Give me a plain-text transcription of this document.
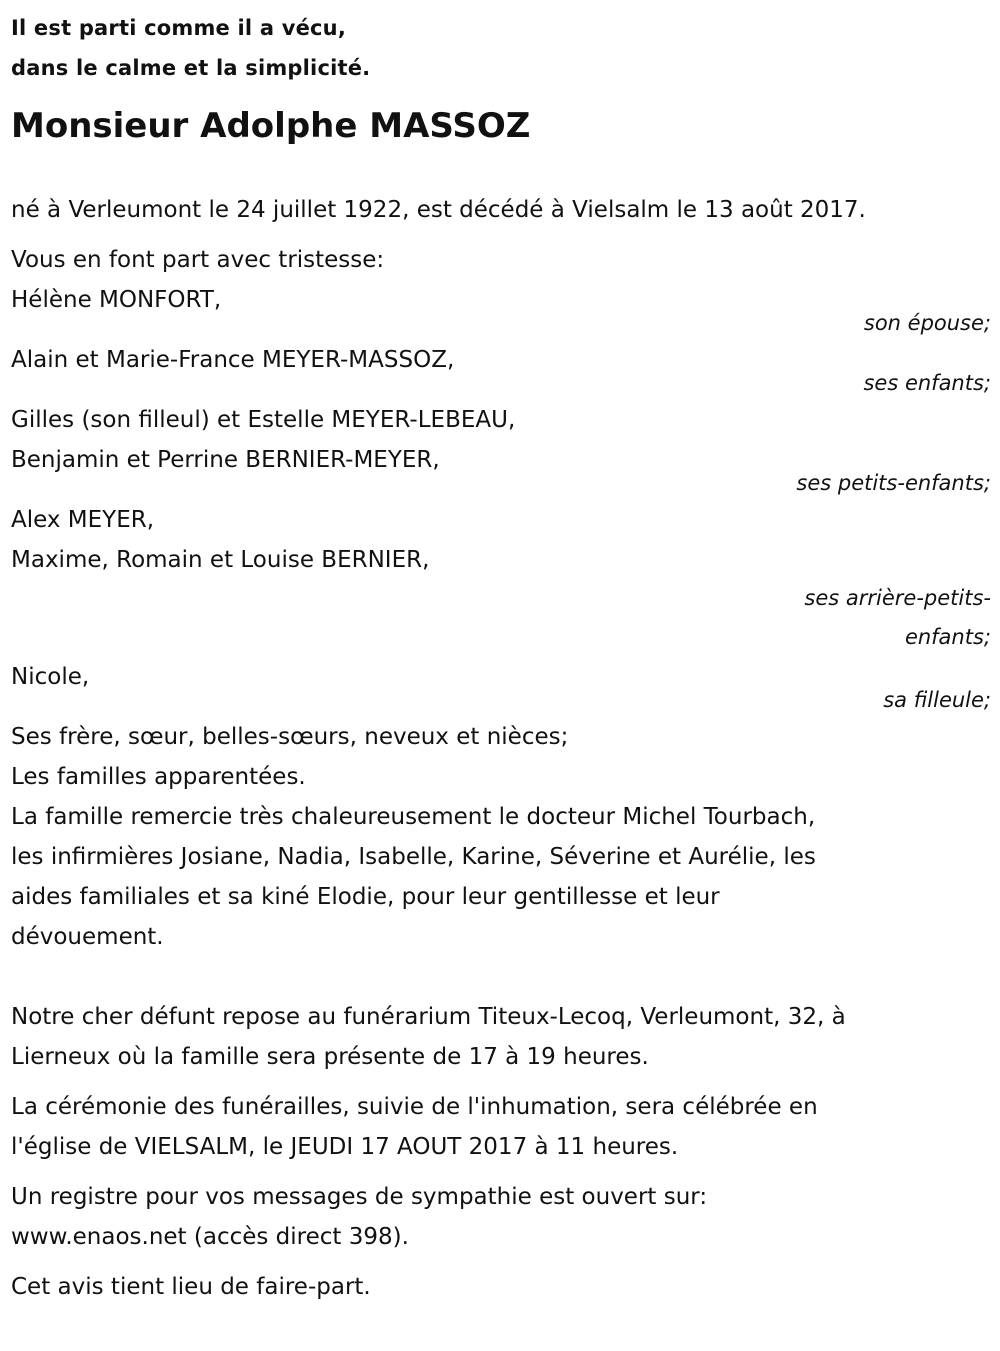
Il est parti comme il a vécu,

dans le calme et la simplicité.

Monsieur Adolphe MASSOZ

né à Verleumont le 24 juillet 1922, est décédé à Vielsalm le 13 août 2017.

Vous en font part avec tristesse:

Hélène MONFORT,

son épouse;

Alain et Marie-France MEYER-MASSOZ,

ses enfants;

Gilles (son filleul) et Estelle MEYER-LEBEAU,

Benjamin et Perrine BERNIER-MEYER,

ses petits-enfants;

Alex MEYER,

Maxime, Romain et Louise BERNIER,

ses arrière-petits-

enfants;

Nicole,

sa filleule;

Ses frère, sœur, belles-sœurs, neveux et nièces;

Les familles apparentées.

La famille remercie très chaleureusement le docteur Michel Tourbach,

les infirmières Josiane, Nadia, Isabelle, Karine, Séverine et Aurélie, les

aides familiales et sa kiné Elodie, pour leur gentillesse et leur

dévouement.

Notre cher défunt repose au funérarium Titeux-Lecoq, Verleumont, 32, à

Lierneux où la famille sera présente de 17 à 19 heures.

La cérémonie des funérailles, suivie de l'inhumation, sera célébrée en

l'église de VIELSALM, le JEUDI 17 AOUT 2017 à 11 heures.

Un registre pour vos messages de sympathie est ouvert sur:

www.enaos.net (accès direct 398).

Cet avis tient lieu de faire-part.
